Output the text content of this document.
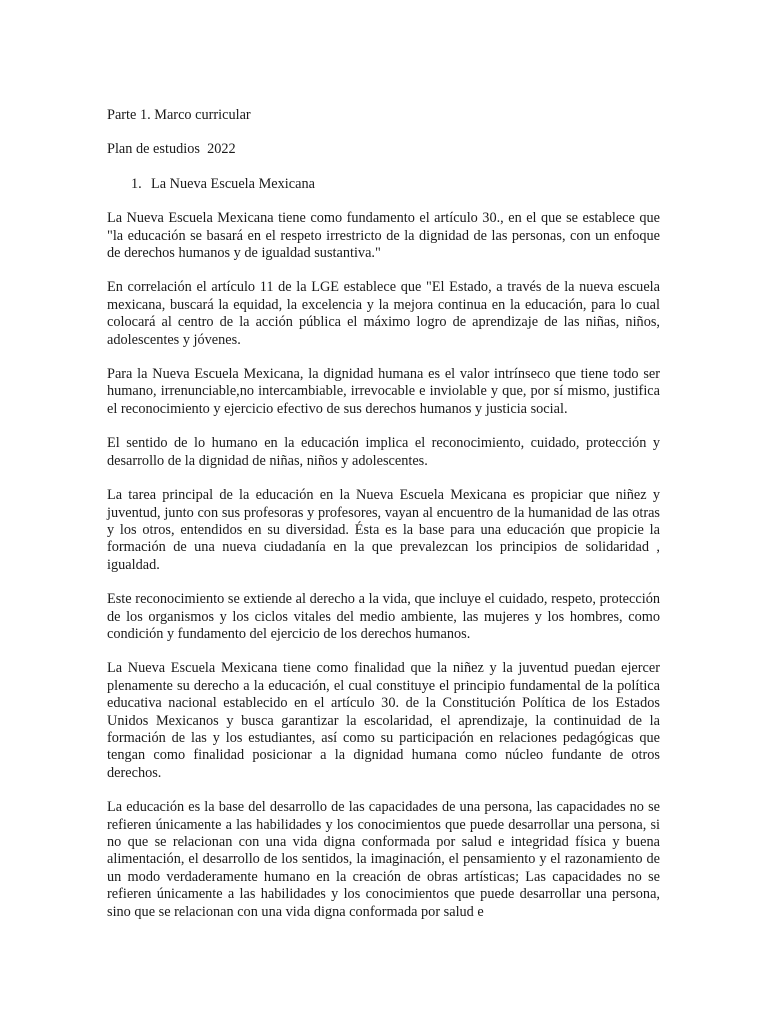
Parte 1. Marco curricular
Plan de estudios  2022
1. La Nueva Escuela Mexicana

La Nueva Escuela Mexicana tiene como fundamento el artículo 30., en el que se establece que "la educación se basará en el respeto irrestricto de la dignidad de las personas, con un enfoque de derechos humanos y de igualdad sustantiva."

En correlación el artículo 11 de la LGE establece que "El Estado, a través de la nueva escuela mexicana, buscará la equidad, la excelencia y la mejora continua en la educación, para lo cual colocará al centro de la acción pública el máximo logro de aprendizaje de las niñas, niños, adolescentes y jóvenes.

Para la Nueva Escuela Mexicana, la dignidad humana es el valor intrínseco que tiene todo ser humano, irrenunciable,no intercambiable, irrevocable e inviolable y que, por sí mismo, justifica el reconocimiento y ejercicio efectivo de sus derechos humanos y justicia social.

El sentido de lo humano en la educación implica el reconocimiento, cuidado, protección y desarrollo de la dignidad de niñas, niños y adolescentes.

La tarea principal de la educación en la Nueva Escuela Mexicana es propiciar que niñez y juventud, junto con sus profesoras y profesores, vayan al encuentro de la humanidad de las otras y los otros, entendidos en su diversidad. Ésta es la base para una educación que propicie la formación de una nueva ciudadanía en la que prevalezcan los principios de solidaridad , igualdad.

Este reconocimiento se extiende al derecho a la vida, que incluye el cuidado, respeto, protección de los organismos y los ciclos vitales del medio ambiente, las mujeres y los hombres, como condición y fundamento del ejercicio de los derechos humanos.

La Nueva Escuela Mexicana tiene como finalidad que la niñez y la juventud puedan ejercer plenamente su derecho a la educación, el cual constituye el principio fundamental de la política educativa nacional establecido en el artículo 30. de la Constitución Política de los Estados Unidos Mexicanos y busca garantizar la escolaridad, el aprendizaje, la continuidad de la formación de las y los estudiantes, así como su participación en relaciones pedagógicas que tengan como finalidad posicionar a la dignidad humana como núcleo fundante de otros derechos.

La educación es la base del desarrollo de las capacidades de una persona, las capacidades no se refieren únicamente a las habilidades y los conocimientos que puede desarrollar una persona, si no que se relacionan con una vida digna conformada por salud e integridad física y buena alimentación, el desarrollo de los sentidos, la imaginación, el pensamiento y el razonamiento de un modo verdaderamente humano en la creación de obras artísticas; Las capacidades no se refieren únicamente a las habilidades y los conocimientos que puede desarrollar una persona, sino que se relacionan con una vida digna conformada por salud e
